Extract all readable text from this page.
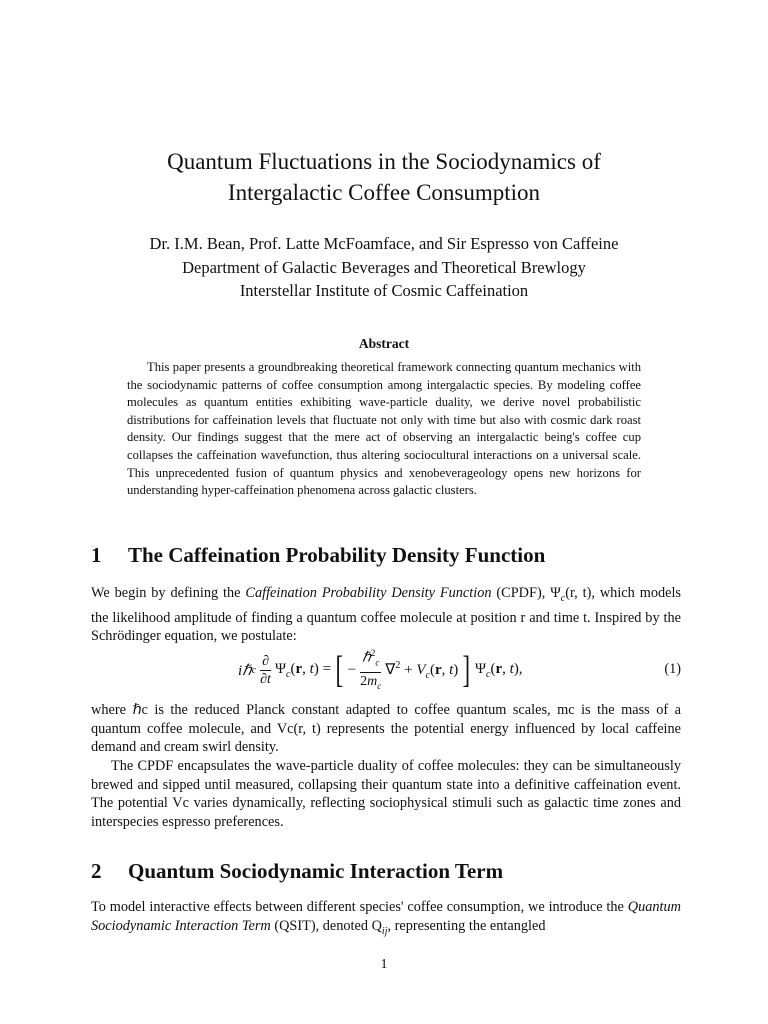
Quantum Fluctuations in the Sociodynamics of
Intergalactic Coffee Consumption
Dr. I.M. Bean, Prof. Latte McFoamface, and Sir Espresso von Caffeine
Department of Galactic Beverages and Theoretical Brewlogy
Interstellar Institute of Cosmic Caffeination
Abstract
This paper presents a groundbreaking theoretical framework connecting quantum mechanics with the sociodynamic patterns of coffee consumption among intergalactic species. By modeling coffee molecules as quantum entities exhibiting wave-particle duality, we derive novel probabilistic distributions for caffeination levels that fluctuate not only with time but also with cosmic dark roast density. Our findings suggest that the mere act of observing an intergalactic being's coffee cup collapses the caffeination wavefunction, thus altering sociocultural interactions on a universal scale. This unprecedented fusion of quantum physics and xenobeverageology opens new horizons for understanding hyper-caffeination phenomena across galactic clusters.
1 The Caffeination Probability Density Function
We begin by defining the Caffeination Probability Density Function (CPDF), $\Psi_c(r$, t), which models the likelihood amplitude of finding a quantum coffee molecule at position r and time t. Inspired by the Schrödinger equation, we postulate:
iℏ c $\frac{\partial}{\partial t} \Psi_c(r$, t) = [ − $\frac{\hbar^2_c}{2m_c} \nabla^2 + V_c(r$, t) ] $\Psi_c(r$, t),	(1)
where ℏc is the reduced Planck constant adapted to coffee quantum scales, mc is the mass of a quantum coffee molecule, and Vc(r, t) represents the potential energy influenced by local caffeine demand and cream swirl density.
The CPDF encapsulates the wave-particle duality of coffee molecules: they can be simultaneously brewed and sipped until measured, collapsing their quantum state into a definitive caffeination event. The potential Vc varies dynamically, reflecting sociophysical stimuli such as galactic time zones and interspecies espresso preferences.
2 Quantum Sociodynamic Interaction Term
To model interactive effects between different species' coffee consumption, we introduce the Quantum Sociodynamic Interaction Term (QSIT), denoted $Q_{ij}$, representing the entangled
1
